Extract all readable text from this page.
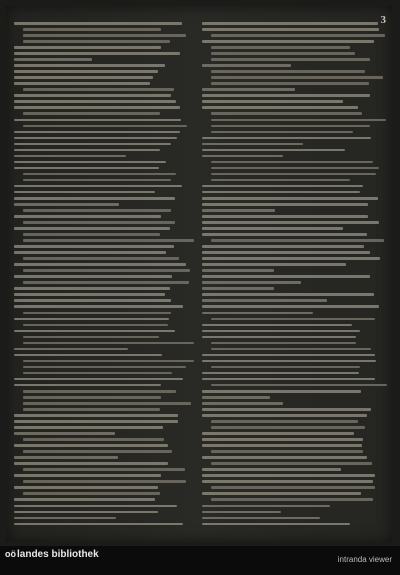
3
oö landes bibliothek	intranda viewer
